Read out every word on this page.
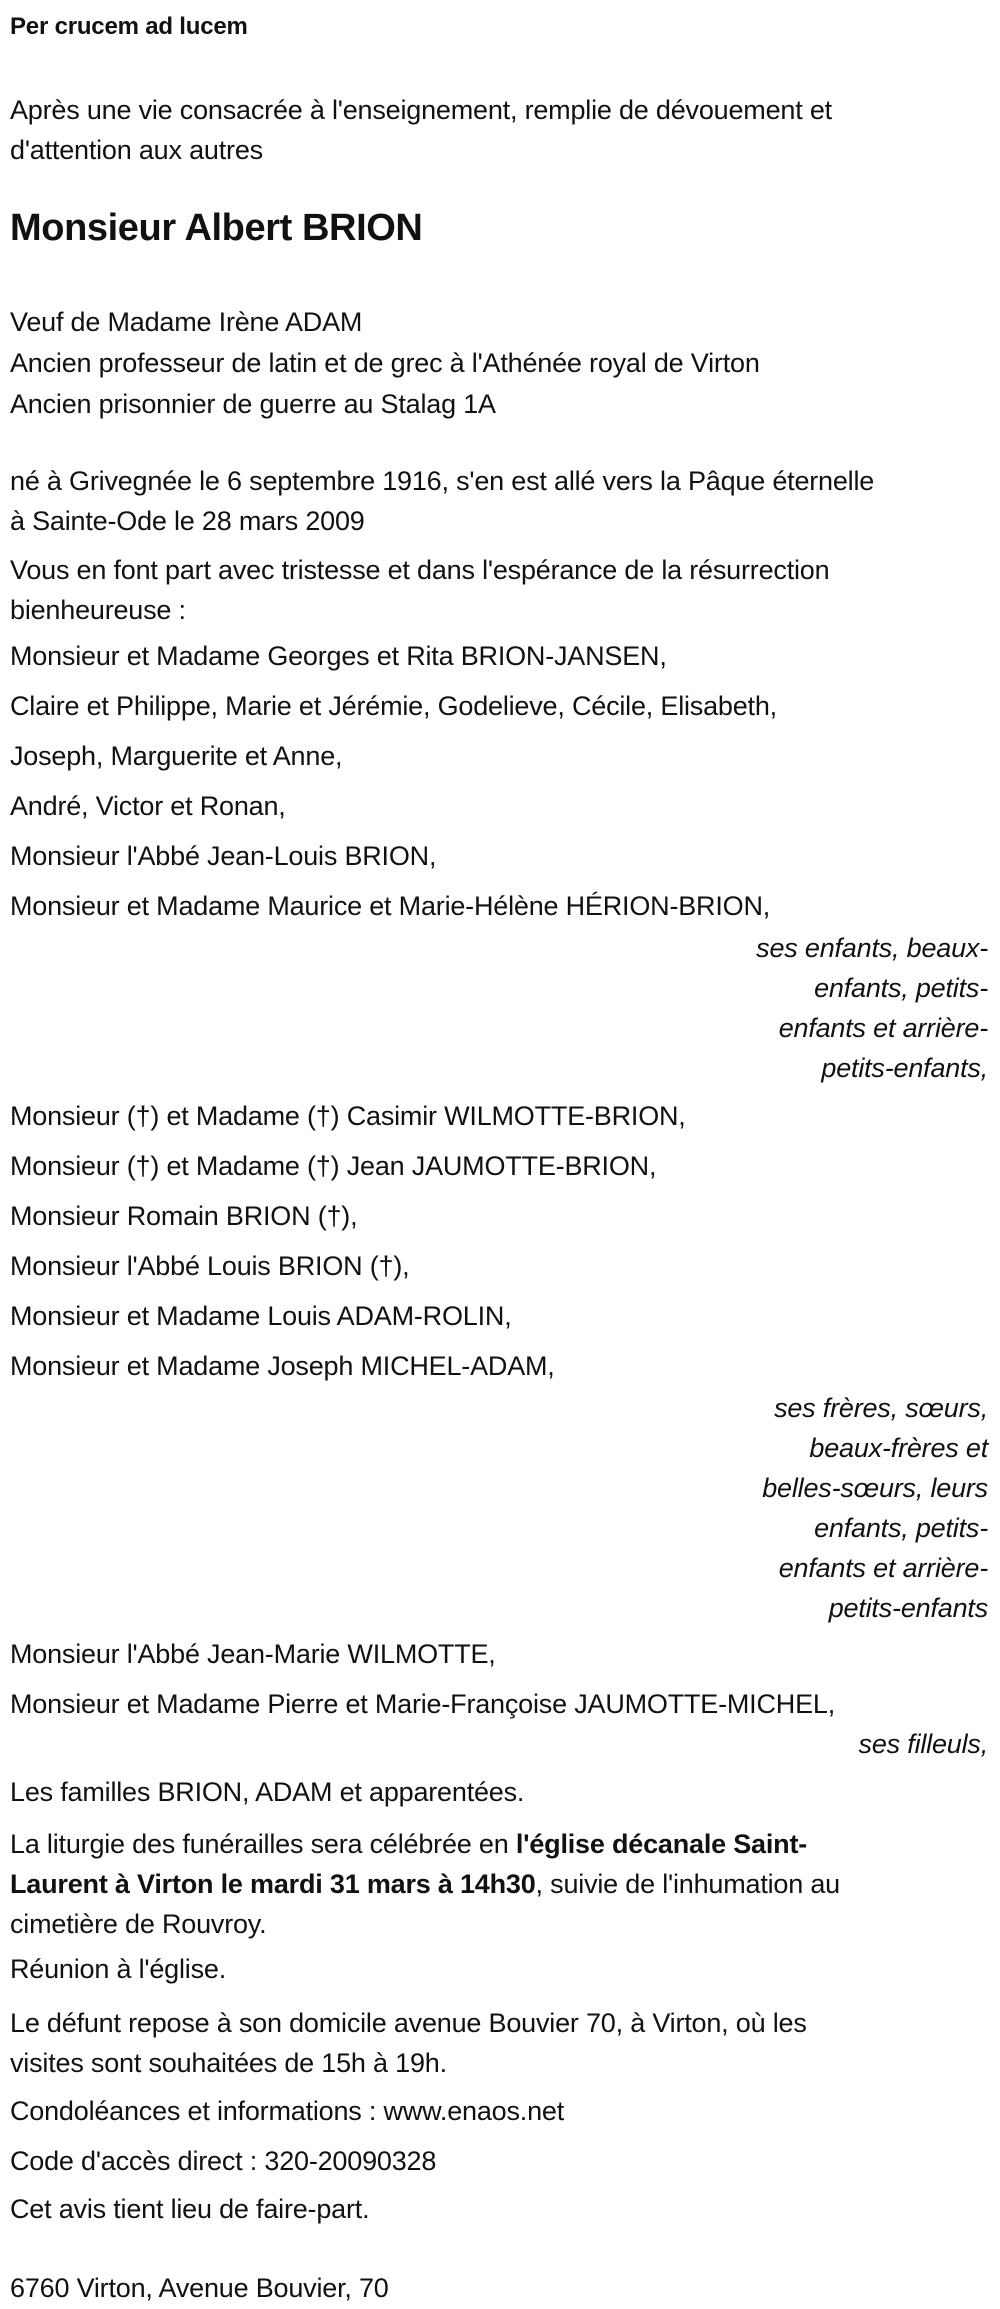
Per crucem ad lucem
Après une vie consacrée à l'enseignement, remplie de dévouement et
d'attention aux autres
Monsieur Albert BRION
Veuf de Madame Irène ADAM
Ancien professeur de latin et de grec à l'Athénée royal de Virton
Ancien prisonnier de guerre au Stalag 1A
né à Grivegnée le 6 septembre 1916, s'en est allé vers la Pâque éternelle
à Sainte-Ode le 28 mars 2009
Vous en font part avec tristesse et dans l'espérance de la résurrection
bienheureuse :
Monsieur et Madame Georges et Rita BRION-JANSEN,
Claire et Philippe, Marie et Jérémie, Godelieve, Cécile, Elisabeth,
Joseph, Marguerite et Anne,
André, Victor et Ronan,
Monsieur l'Abbé Jean-Louis BRION,
Monsieur et Madame Maurice et Marie-Hélène HÉRION-BRION,
ses enfants, beaux-
enfants, petits-
enfants et arrière-
petits-enfants,
Monsieur (†) et Madame (†) Casimir WILMOTTE-BRION,
Monsieur (†) et Madame (†) Jean JAUMOTTE-BRION,
Monsieur Romain BRION (†),
Monsieur l'Abbé Louis BRION (†),
Monsieur et Madame Louis ADAM-ROLIN,
Monsieur et Madame Joseph MICHEL-ADAM,
ses frères, sœurs,
beaux-frères et
belles-sœurs, leurs
enfants, petits-
enfants et arrière-
petits-enfants
Monsieur l'Abbé Jean-Marie WILMOTTE,
Monsieur et Madame Pierre et Marie-Françoise JAUMOTTE-MICHEL,
ses filleuls,
Les familles BRION, ADAM et apparentées.
La liturgie des funérailles sera célébrée en l'église décanale Saint-
Laurent à Virton le mardi 31 mars à 14h30, suivie de l'inhumation au
cimetière de Rouvroy.
Réunion à l'église.
Le défunt repose à son domicile avenue Bouvier 70, à Virton, où les
visites sont souhaitées de 15h à 19h.
Condoléances et informations : www.enaos.net
Code d'accès direct : 320-20090328
Cet avis tient lieu de faire-part.
6760 Virton, Avenue Bouvier, 70
